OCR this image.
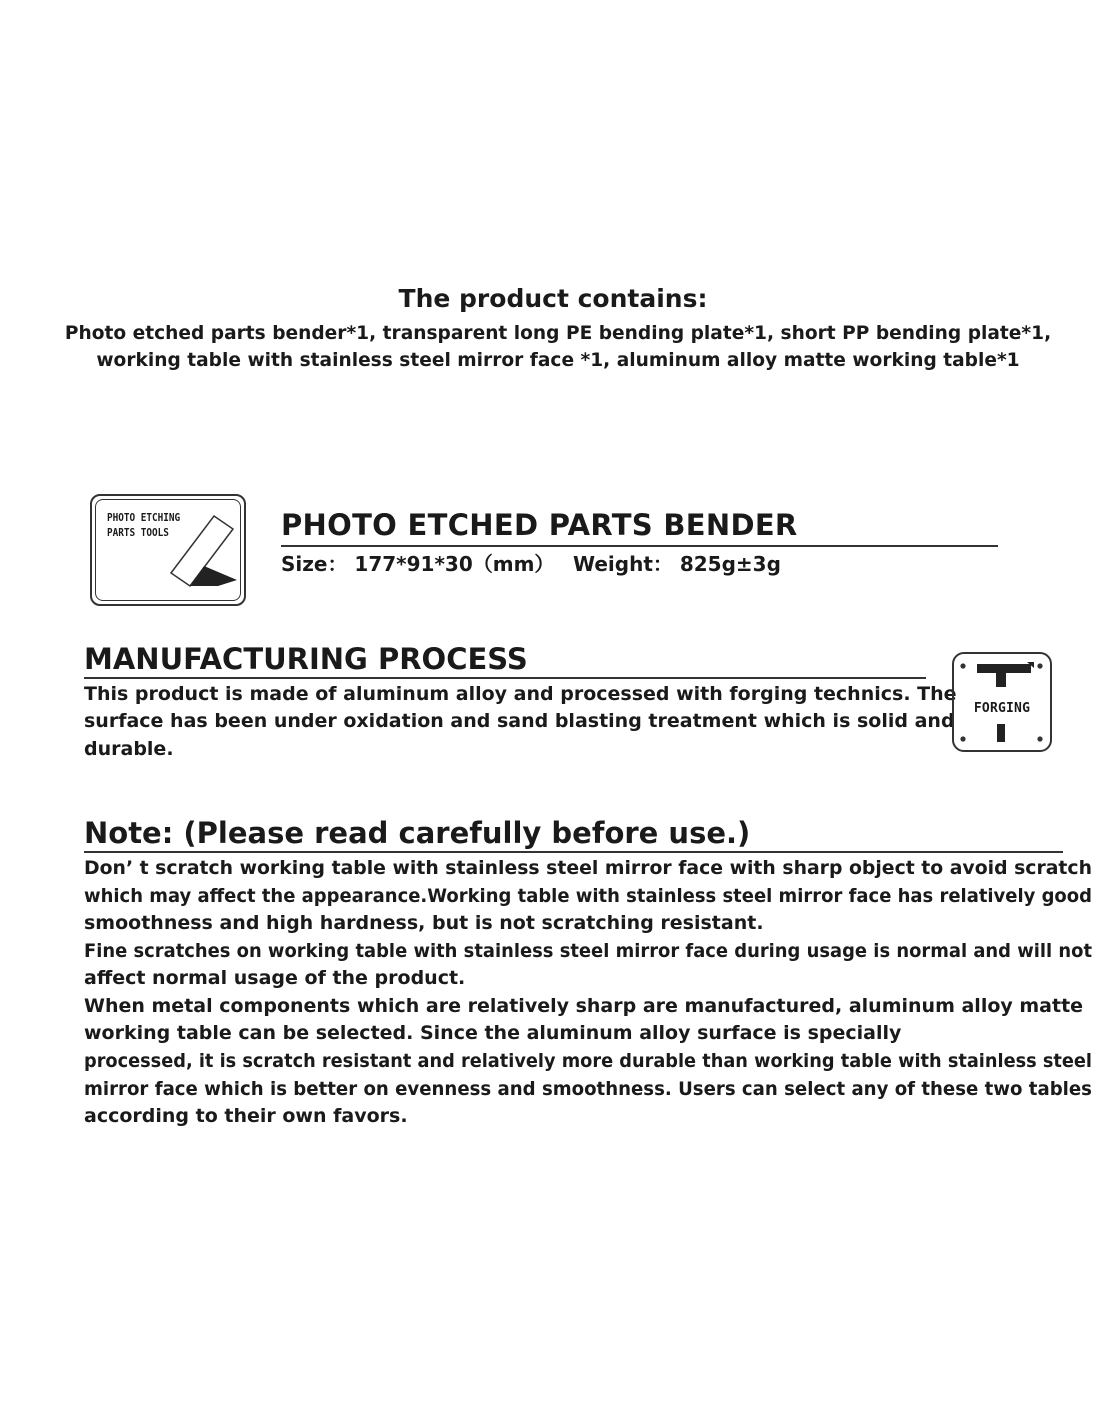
The product contains:
Photo etched parts bender*1, transparent long PE bending plate*1, short PP bending plate*1,
working table with stainless steel mirror face *1, aluminum alloy matte working table*1
PHOTO ETCHING
PARTS TOOLS	PHOTO ETCHED PARTS BENDER
Size： 177*91*30（mm） Weight： 825g±3g
MANUFACTURING PROCESS
This product is made of aluminum alloy and processed with forging technics. The
surface has been under oxidation and sand blasting treatment which is solid and
durable.
FORGING
Note: (Please read carefully before use.)
Don’ t scratch working table with stainless steel mirror face with sharp object to avoid scratch
which may affect the appearance.Working table with stainless steel mirror face has relatively good
smoothness and high hardness, but is not scratching resistant.
Fine scratches on working table with stainless steel mirror face during usage is normal and will not
affect normal usage of the product.
When metal components which are relatively sharp are manufactured, aluminum alloy matte
working table can be selected. Since the aluminum alloy surface is specially
processed, it is scratch resistant and relatively more durable than working table with stainless steel
mirror face which is better on evenness and smoothness. Users can select any of these two tables
according to their own favors.
